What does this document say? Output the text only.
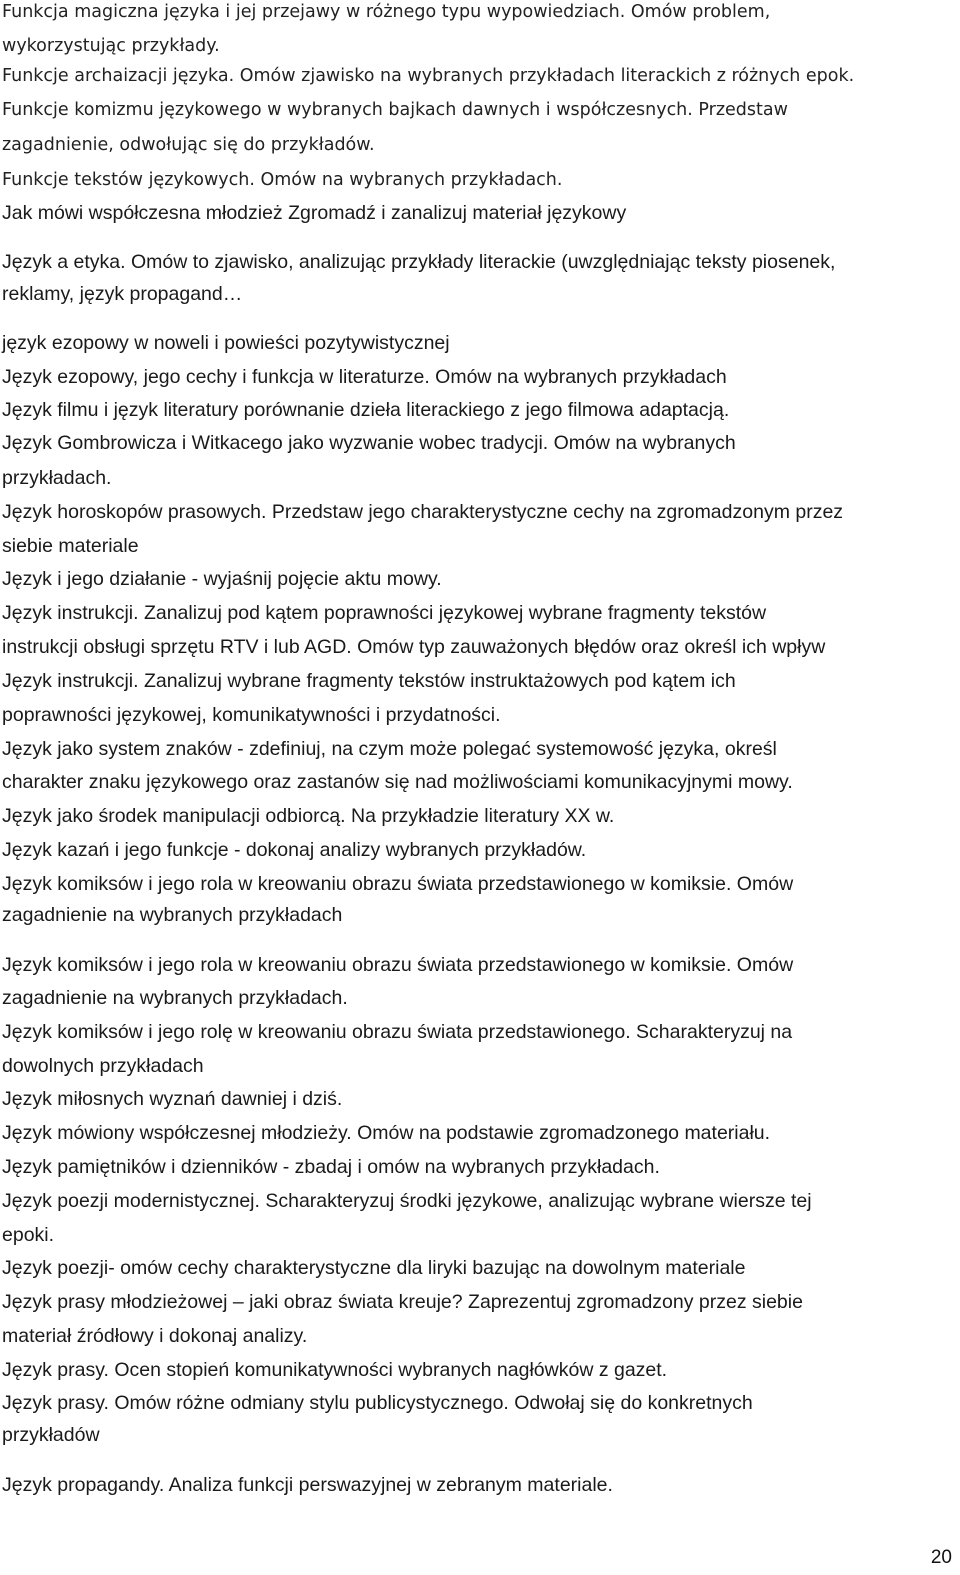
Funkcja magiczna języka i jej przejawy w różnego typu wypowiedziach. Omów problem,

wykorzystując przykłady.

Funkcje archaizacji języka. Omów zjawisko na wybranych przykładach literackich z różnych epok.

Funkcje komizmu językowego w wybranych bajkach dawnych i współczesnych. Przedstaw

zagadnienie, odwołując się do przykładów.

Funkcje tekstów językowych. Omów na wybranych przykładach.

Jak mówi współczesna młodzież Zgromadź i zanalizuj materiał językowy

Język a etyka. Omów to zjawisko, analizując przykłady literackie (uwzględniając teksty piosenek,

reklamy, język propagand…

język ezopowy w noweli i powieści pozytywistycznej

Język ezopowy, jego cechy i funkcja w literaturze. Omów na wybranych przykładach

Język filmu i język literatury porównanie dzieła literackiego z jego filmowa adaptacją.

Język Gombrowicza i Witkacego jako wyzwanie wobec tradycji. Omów na wybranych

przykładach.

Język horoskopów prasowych. Przedstaw jego charakterystyczne cechy na zgromadzonym przez

siebie materiale

Język i jego działanie - wyjaśnij pojęcie aktu mowy.

Język instrukcji. Zanalizuj pod kątem poprawności językowej wybrane fragmenty tekstów

instrukcji obsługi sprzętu RTV i lub AGD. Omów typ zauważonych błędów oraz określ ich wpływ

Język instrukcji. Zanalizuj wybrane fragmenty tekstów instruktażowych pod kątem ich

poprawności językowej, komunikatywności i przydatności.

Język jako system znaków - zdefiniuj, na czym może polegać systemowość języka, określ

charakter znaku językowego oraz zastanów się nad możliwościami komunikacyjnymi mowy.

Język jako środek manipulacji odbiorcą. Na przykładzie literatury XX w.

Język kazań i jego funkcje - dokonaj analizy wybranych przykładów.

Język komiksów i jego rola w kreowaniu obrazu świata przedstawionego w komiksie. Omów

zagadnienie na wybranych przykładach

Język komiksów i jego rola w kreowaniu obrazu świata przedstawionego w komiksie. Omów

zagadnienie na wybranych przykładach.

Język komiksów i jego rolę w kreowaniu obrazu świata przedstawionego. Scharakteryzuj na

dowolnych przykładach

Język miłosnych wyznań dawniej i dziś.

Język mówiony współczesnej młodzieży. Omów na podstawie zgromadzonego materiału.

Język pamiętników i dzienników - zbadaj i omów na wybranych przykładach.

Język poezji modernistycznej. Scharakteryzuj środki językowe, analizując wybrane wiersze tej

epoki.

Język poezji- omów cechy charakterystyczne dla liryki bazując na dowolnym materiale

Język prasy młodzieżowej – jaki obraz świata kreuje? Zaprezentuj zgromadzony przez siebie

materiał źródłowy i dokonaj analizy.

Język prasy. Ocen stopień komunikatywności wybranych nagłówków z gazet.

Język prasy. Omów różne odmiany stylu publicystycznego. Odwołaj się do konkretnych

przykładów

Język propagandy. Analiza funkcji perswazyjnej w zebranym materiale.

20
